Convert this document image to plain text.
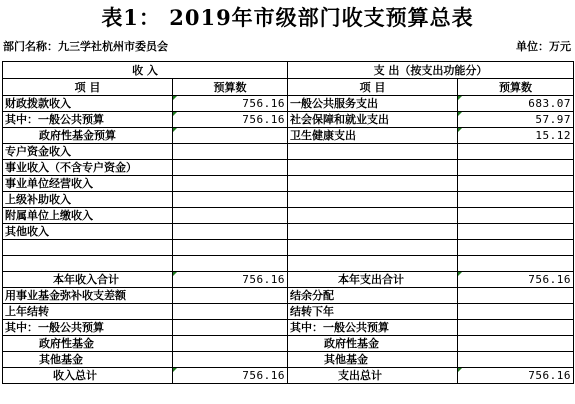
表1： 2019年市级部门收支预算总表
部门名称：九三学社杭州市委员会	单位：万元
收 入		支 出（按支出功能分）	
项 目	预算数	项 目	预算数
财政拨款收入	756.16	一般公共服务支出	683.07
其中：一般公共预算	756.16	社会保障和就业支出	57.97
政府性基金预算		卫生健康支出	15.12
专户资金收入			
事业收入（不含专户资金）			
事业单位经营收入			
上级补助收入			
附属单位上缴收入			
其他收入			

本年收入合计	756.16	本年支出合计	756.16
用事业基金弥补收支差额		结余分配	
上年结转		结转下年	
其中：一般公共预算		其中：一般公共预算	
政府性基金		政府性基金	
其他基金		其他基金	
收入总计	756.16	支出总计	756.16
